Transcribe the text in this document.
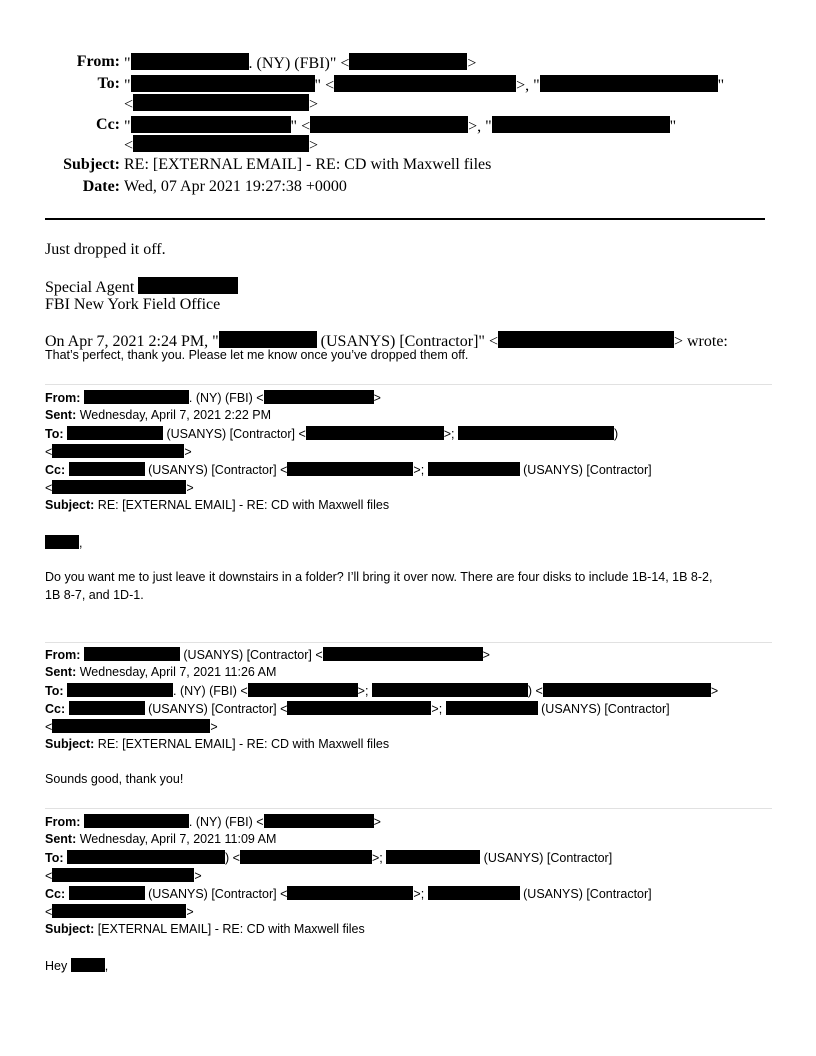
From: "	. (NY) (FBI)" <	>
To: "	" <	>, "	"
<	>
Cc: "	" <	>, "	"
<	>
Subject: RE: [EXTERNAL EMAIL] - RE: CD with Maxwell files
Date: Wed, 07 Apr 2021 19:27:38 +0000
Just dropped it off.
Special Agent
FBI New York Field Office
On Apr 7, 2021 2:24 PM, "	(USANYS) [Contractor]" <	> wrote:
That’s perfect, thank you. Please let me know once you’ve dropped them off.
From:	. (NY) (FBI) <	>
Sent: Wednesday, April 7, 2021 2:22 PM
To:	(USANYS) [Contractor] <	>;	)
<	>
Cc:	(USANYS) [Contractor] <	>;	(USANYS) [Contractor]
<	>
Subject: RE: [EXTERNAL EMAIL] - RE: CD with Maxwell files
,
Do you want me to just leave it downstairs in a folder? I’ll bring it over now. There are four disks to include 1B-14, 1B 8-2,
1B 8-7, and 1D-1.
From:	(USANYS) [Contractor] <	>
Sent: Wednesday, April 7, 2021 11:26 AM
To:	. (NY) (FBI) <	>;	) <	>
Cc:	(USANYS) [Contractor] <	>;	(USANYS) [Contractor]
<	>
Subject: RE: [EXTERNAL EMAIL] - RE: CD with Maxwell files
Sounds good, thank you!
From:	. (NY) (FBI) <	>
Sent: Wednesday, April 7, 2021 11:09 AM
To:	) <	>;	(USANYS) [Contractor]
<	>
Cc:	(USANYS) [Contractor] <	>;	(USANYS) [Contractor]
<	>
Subject: [EXTERNAL EMAIL] - RE: CD with Maxwell files
Hey	,
